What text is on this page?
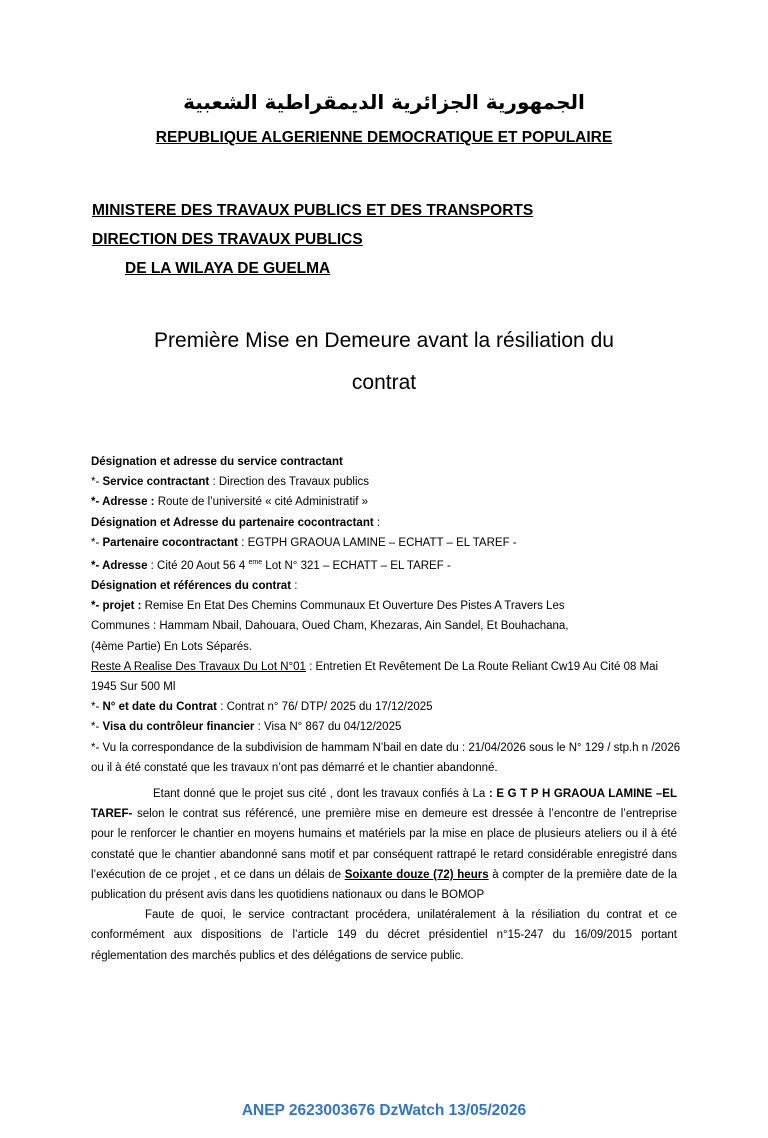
الجمهورية الجزائرية الديمقراطية الشعبية
REPUBLIQUE ALGERIENNE DEMOCRATIQUE ET POPULAIRE
MINISTERE DES TRAVAUX PUBLICS ET DES TRANSPORTS
DIRECTION DES TRAVAUX PUBLICS
DE LA WILAYA DE GUELMA
Première Mise en Demeure avant la résiliation du
contrat
Désignation et adresse du service contractant
*- Service contractant : Direction des Travaux publics
*- Adresse : Route de l’université « cité Administratif »
Désignation et Adresse du partenaire cocontractant :
*- Partenaire cocontractant : EGTPH GRAOUA LAMINE – ECHATT – EL TAREF -
*- Adresse : Cité 20 Aout 56 4 $^{eme}$ Lot N° 321 – ECHATT – EL TAREF -
Désignation et références du contrat :
*- projet : Remise En Etat Des Chemins Communaux Et Ouverture Des Pistes A Travers Les
Communes : Hammam Nbail, Dahouara, Oued Cham, Khezaras, Ain Sandel, Et Bouhachana,
(4ème Partie) En Lots Séparés.
Reste A Realise Des Travaux Du Lot N°01 : Entretien Et Revêtement De La Route Reliant Cw19 Au Cité 08 Mai 1945 Sur 500 Ml
*- N° et date du Contrat : Contrat n° 76/ DTP/ 2025 du 17/12/2025
*- Visa du contrôleur financier : Visa N° 867 du 04/12/2025
*- Vu la correspondance de la subdivision de hammam N’bail en date du : 21/04/2026 sous le N° 129 / stp.h n /2026 ou il à été constaté que les travaux n’ont pas démarré et le chantier abandonné.

Etant donné que le projet sus cité , dont les travaux confiés à La : E G T P H GRAOUA LAMINE –EL TAREF- selon le contrat sus référencé, une première mise en demeure est dressée à l’encontre de l’entreprise pour le renforcer le chantier en moyens humains et matériels par la mise en place de plusieurs ateliers ou il à été constaté que le chantier abandonné sans motif et par conséquent rattrapé le retard considérable enregistré dans l’exécution de ce projet , et ce dans un délais de Soixante douze (72) heurs à compter de la première date de la publication du présent avis dans les quotidiens nationaux ou dans le BOMOP

Faute de quoi, le service contractant procédera, unilatéralement à la résiliation du contrat et ce conformément aux dispositions de l’article 149 du décret présidentiel n°15-247 du 16/09/2015 portant réglementation des marchés publics et des délégations de service public.

ANEP 2623003676 DzWatch 13/05/2026
